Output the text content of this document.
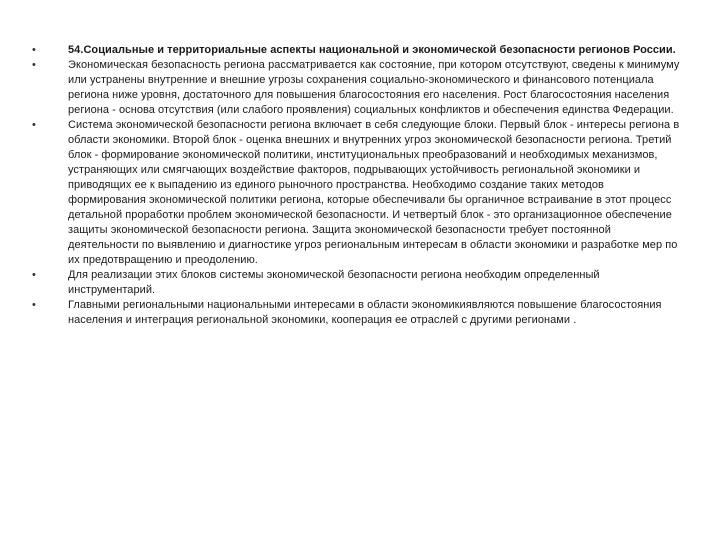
•	54.Социальные и территориальные аспекты национальной и экономической безопасности регионов России.
•	Экономическая безопасность региона рассматривается как состояние, при котором отсутствуют, сведены к минимуму или устранены внутренние и внешние угрозы сохранения социально-экономического и финансового потенциала региона ниже уровня, достаточного для повышения благосостояния его населения. Рост благосостояния населения региона - основа отсутствия (или слабого проявления) социальных конфликтов и обеспечения единства Федерации.
•	Система экономической безопасности региона включает в себя следующие блоки. Первый блок - интересы региона в области экономики. Второй блок - оценка внешних и внутренних угроз экономической безопасности региона. Третий блок - формирование экономической политики, институциональных преобразований и необходимых механизмов, устраняющих или смягчающих воздействие факторов, подрывающих устойчивость региональной экономики и приводящих ее к выпадению из единого рыночного пространства. Необходимо создание таких методов формирования экономической политики региона, которые обеспечивали бы органичное встраивание в этот процесс детальной проработки проблем экономической безопасности. И четвертый блок - это организационное обеспечение защиты экономической безопасности региона. Защита экономической безопасности требует постоянной деятельности по выявлению и диагностике угроз региональным интересам в области экономики и разработке мер по их предотвращению и преодолению.
•	Для реализации этих блоков системы экономической безопасности региона необходим определенный инструментарий.
•	Главными региональными национальными интересами в области экономикиявляются повышение благосостояния населения и интеграция региональной экономики, кооперация ее отраслей с другими регионами .
